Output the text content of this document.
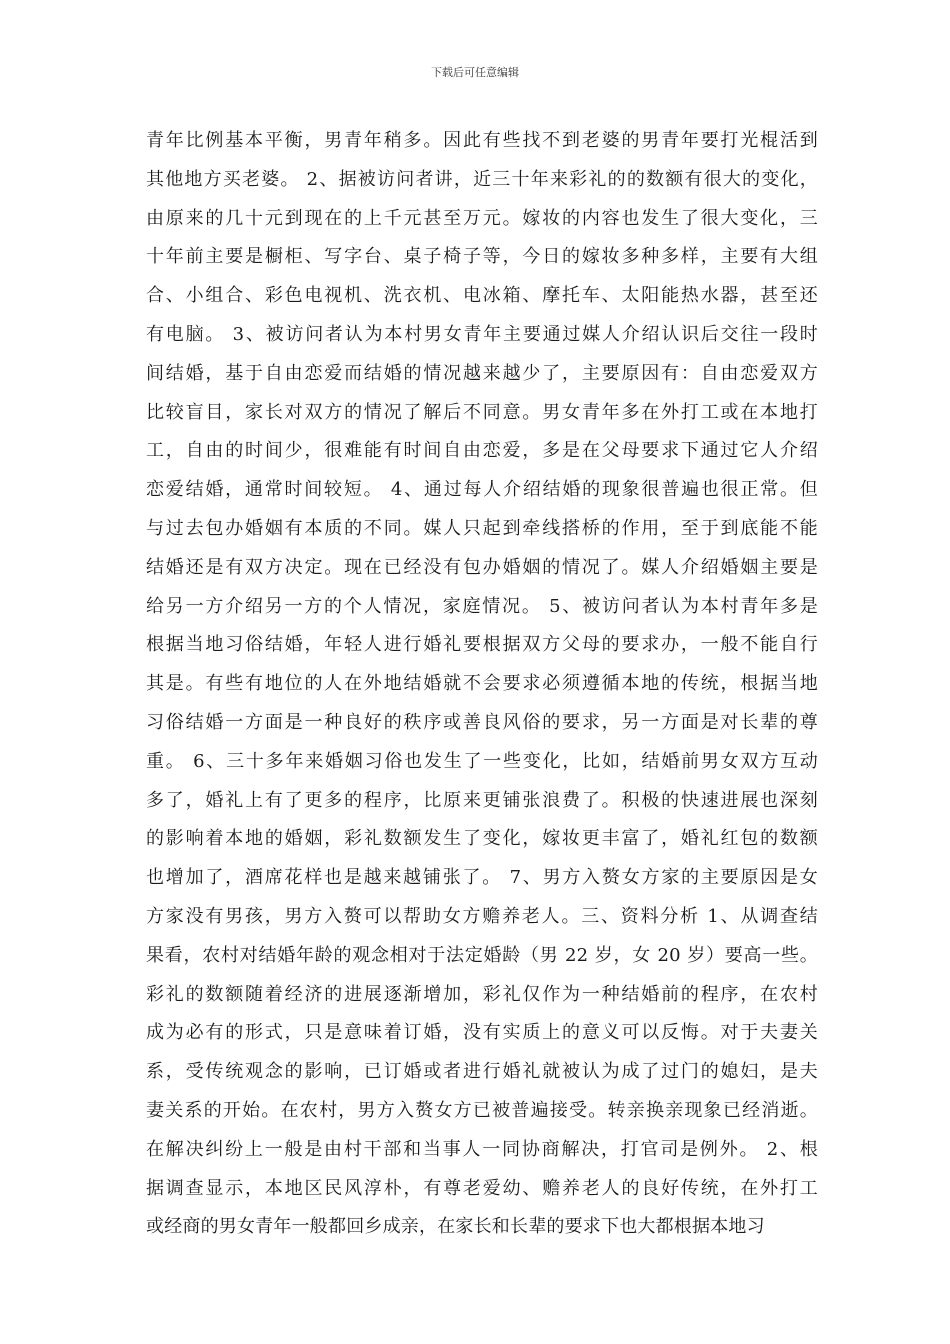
下载后可任意编辑
青年比例基本平衡，男青年稍多。因此有些找不到老婆的男青年要打光棍活到
其他地方买老婆。 2、据被访问者讲，近三十年来彩礼的的数额有很大的变化，
由原来的几十元到现在的上千元甚至万元。嫁妆的内容也发生了很大变化，三
十年前主要是橱柜、写字台、桌子椅子等，今日的嫁妆多种多样，主要有大组
合、小组合、彩色电视机、洗衣机、电冰箱、摩托车、太阳能热水器，甚至还
有电脑。 3、被访问者认为本村男女青年主要通过媒人介绍认识后交往一段时
间结婚，基于自由恋爱而结婚的情况越来越少了，主要原因有：自由恋爱双方
比较盲目，家长对双方的情况了解后不同意。男女青年多在外打工或在本地打
工，自由的时间少，很难能有时间自由恋爱，多是在父母要求下通过它人介绍
恋爱结婚，通常时间较短。 4、通过每人介绍结婚的现象很普遍也很正常。但
与过去包办婚姻有本质的不同。媒人只起到牵线搭桥的作用，至于到底能不能
结婚还是有双方决定。现在已经没有包办婚姻的情况了。媒人介绍婚姻主要是
给另一方介绍另一方的个人情况，家庭情况。 5、被访问者认为本村青年多是
根据当地习俗结婚，年轻人进行婚礼要根据双方父母的要求办，一般不能自行
其是。有些有地位的人在外地结婚就不会要求必须遵循本地的传统，根据当地
习俗结婚一方面是一种良好的秩序或善良风俗的要求，另一方面是对长辈的尊
重。 6、三十多年来婚姻习俗也发生了一些变化，比如，结婚前男女双方互动
多了，婚礼上有了更多的程序，比原来更铺张浪费了。积极的快速进展也深刻
的影响着本地的婚姻，彩礼数额发生了变化，嫁妆更丰富了，婚礼红包的数额
也增加了，酒席花样也是越来越铺张了。 7、男方入赘女方家的主要原因是女
方家没有男孩，男方入赘可以帮助女方赡养老人。三、资料分析 1、从调查结
果看，农村对结婚年龄的观念相对于法定婚龄（男 22 岁，女 20 岁）要高一些。
彩礼的数额随着经济的进展逐渐增加，彩礼仅作为一种结婚前的程序，在农村
成为必有的形式，只是意味着订婚，没有实质上的意义可以反悔。对于夫妻关
系，受传统观念的影响，已订婚或者进行婚礼就被认为成了过门的媳妇，是夫
妻关系的开始。在农村，男方入赘女方已被普遍接受。转亲换亲现象已经消逝。
在解决纠纷上一般是由村干部和当事人一同协商解决，打官司是例外。 2、根
据调查显示，本地区民风淳朴，有尊老爱幼、赡养老人的良好传统，在外打工
或经商的男女青年一般都回乡成亲，在家长和长辈的要求下也大都根据本地习
